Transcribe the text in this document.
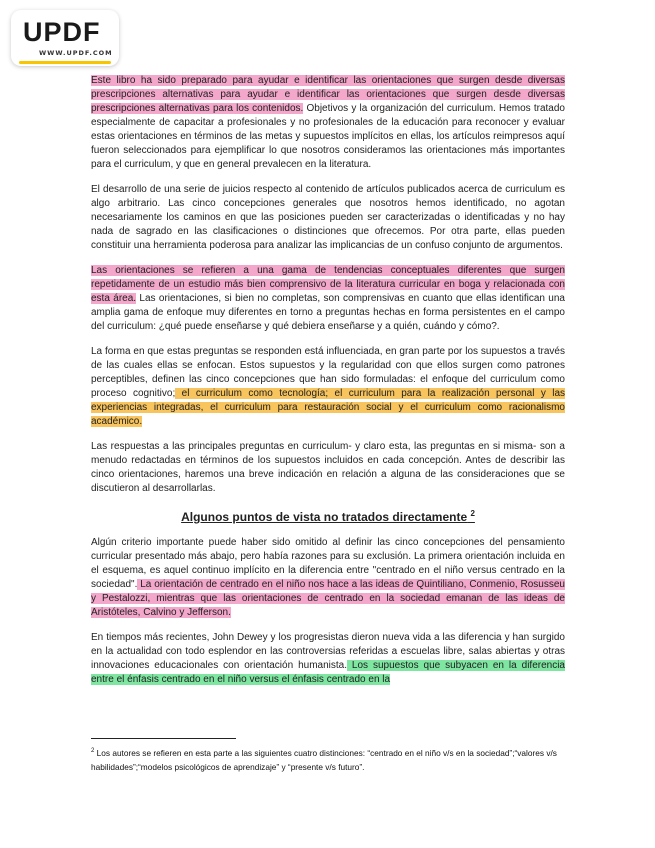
UPDF
WWW.UPDF.COM

Este libro ha sido preparado para ayudar e identificar las orientaciones que surgen desde diversas prescripciones alternativas para ayudar e identificar las orientaciones que surgen desde diversas prescripciones alternativas para los contenidos. Objetivos y la organización del curriculum. Hemos tratado especialmente de capacitar a profesionales y no profesionales de la educación para reconocer y evaluar estas orientaciones en términos de las metas y supuestos implícitos en ellas, los artículos reimpresos aquí fueron seleccionados para ejemplificar lo que nosotros consideramos las orientaciones más importantes para el curriculum, y que en general prevalecen en la literatura.

El desarrollo de una serie de juicios respecto al contenido de artículos publicados acerca de curriculum es algo arbitrario. Las cinco concepciones generales que nosotros hemos identificado, no agotan necesariamente los caminos en que las posiciones pueden ser caracterizadas o identificadas y no hay nada de sagrado en las clasificaciones o distinciones que ofrecemos. Por otra parte, ellas pueden constituir una herramienta poderosa para analizar las implicancias de un confuso conjunto de argumentos.

Las orientaciones se refieren a una gama de tendencias conceptuales diferentes que surgen repetidamente de un estudio más bien comprensivo de la literatura curricular en boga y relacionada con esta área. Las orientaciones, si bien no completas, son comprensivas en cuanto que ellas identifican una amplia gama de enfoque muy diferentes en torno a preguntas hechas en forma persistentes en el campo del curriculum: ¿qué puede enseñarse y qué debiera enseñarse y a quién, cuándo y cómo?.

La forma en que estas preguntas se responden está influenciada, en gran parte por los supuestos a través de las cuales ellas se enfocan. Estos supuestos y la regularidad con que ellos surgen como patrones perceptibles, definen las cinco concepciones que han sido formuladas: el enfoque del curriculum como proceso cognitivo; el curriculum como tecnología; el curriculum para la realización personal y las experiencias integradas, el curriculum para restauración social y el curriculum como racionalismo académico.

Las respuestas a las principales preguntas en curriculum- y claro esta, las preguntas en si misma- son a menudo redactadas en términos de los supuestos incluidos en cada concepción. Antes de describir las cinco orientaciones, haremos una breve indicación en relación a alguna de las consideraciones que se discutieron al desarrollarlas.

Algunos puntos de vista no tratados directamente $^2$

Algún criterio importante puede haber sido omitido al definir las cinco concepciones del pensamiento curricular presentado más abajo, pero había razones para su exclusión. La primera orientación incluida en el esquema, es aquel continuo implícito en la diferencia entre "centrado en el niño versus centrado en la sociedad". La orientación de centrado en el niño nos hace a las ideas de Quintiliano, Conmenio, Rosusseu y Pestalozzi, mientras que las orientaciones de centrado en la sociedad emanan de las ideas de Aristóteles, Calvino y Jefferson.

En tiempos más recientes, John Dewey y los progresistas dieron nueva vida a las diferencia y han surgido en la actualidad con todo esplendor en las controversias referidas a escuelas libre, salas abiertas y otras innovaciones educacionales con orientación humanista. Los supuestos que subyacen en la diferencia entre el énfasis centrado en el niño versus el énfasis centrado en la

$^2$ Los autores se refieren en esta parte a las siguientes cuatro distinciones: “centrado en el niño v/s en la sociedad”;“valores v/s habilidades”;“modelos psicológicos de aprendizaje” y “presente v/s futuro”.
